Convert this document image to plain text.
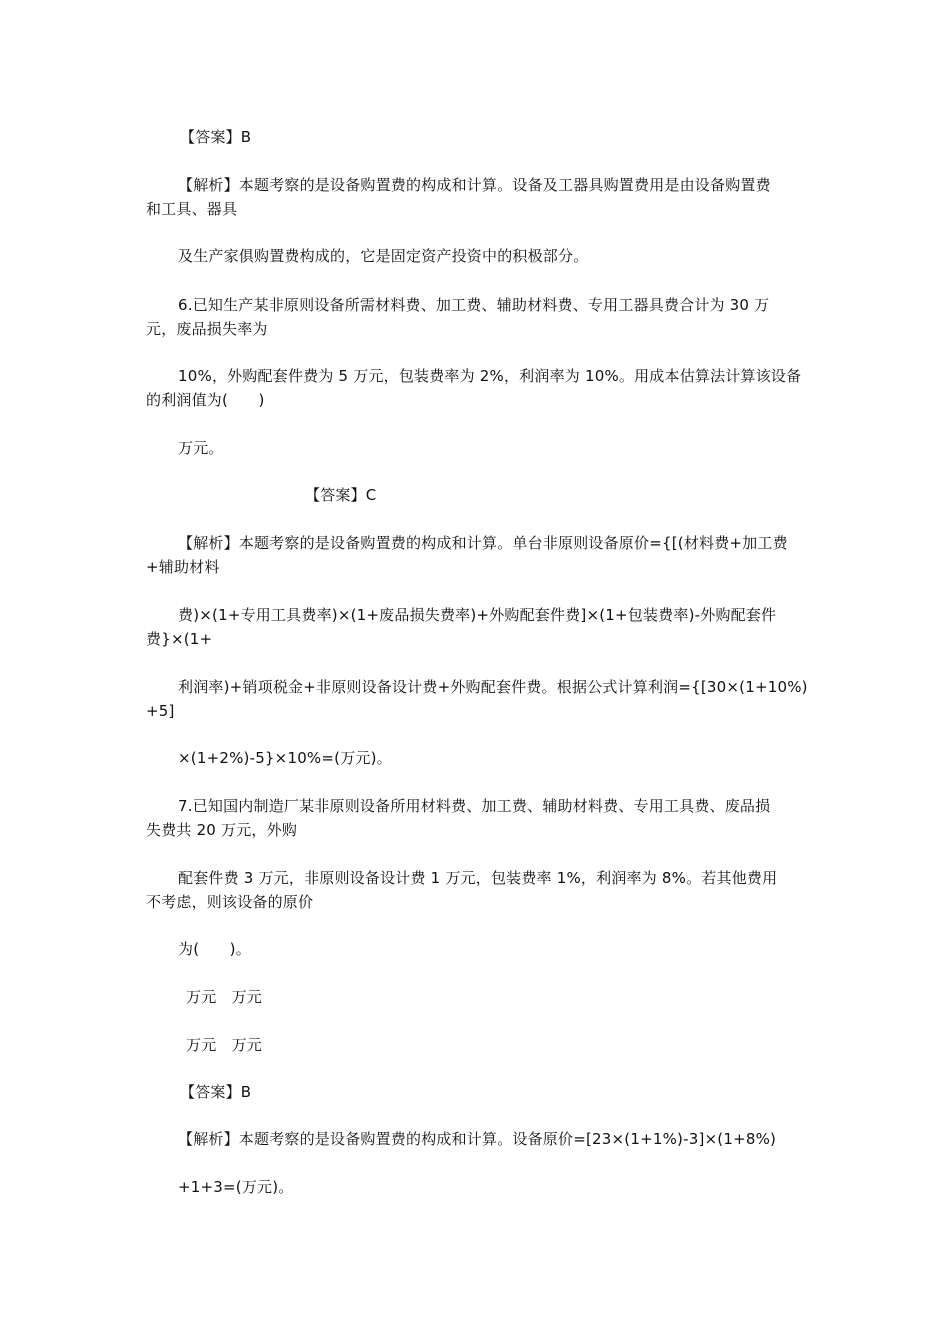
【答案】B
【解析】本题考察的是设备购置费的构成和计算。设备及工器具购置费用是由设备购置费
和工具、器具
及生产家俱购置费构成的，它是固定资产投资中的积极部分。
6.已知生产某非原则设备所需材料费、加工费、辅助材料费、专用工器具费合计为 30 万
元，废品损失率为
10%，外购配套件费为 5 万元，包装费率为 2%，利润率为 10%。用成本估算法计算该设备
的利润值为(　　)
万元。
【答案】C
【解析】本题考察的是设备购置费的构成和计算。单台非原则设备原价={[(材料费+加工费
+辅助材料
费)×(1+专用工具费率)×(1+废品损失费率)+外购配套件费]×(1+包装费率)-外购配套件
费}×(1+
利润率)+销项税金+非原则设备设计费+外购配套件费。根据公式计算利润={[30×(1+10%)
+5]
×(1+2%)-5}×10%=(万元)。
7.已知国内制造厂某非原则设备所用材料费、加工费、辅助材料费、专用工具费、废品损
失费共 20 万元，外购
配套件费 3 万元，非原则设备设计费 1 万元，包装费率 1%，利润率为 8%。若其他费用
不考虑，则该设备的原价
为(　　)。
万元　万元
万元　万元
【答案】B
【解析】本题考察的是设备购置费的构成和计算。设备原价=[23×(1+1%)-3]×(1+8%)
+1+3=(万元)。
